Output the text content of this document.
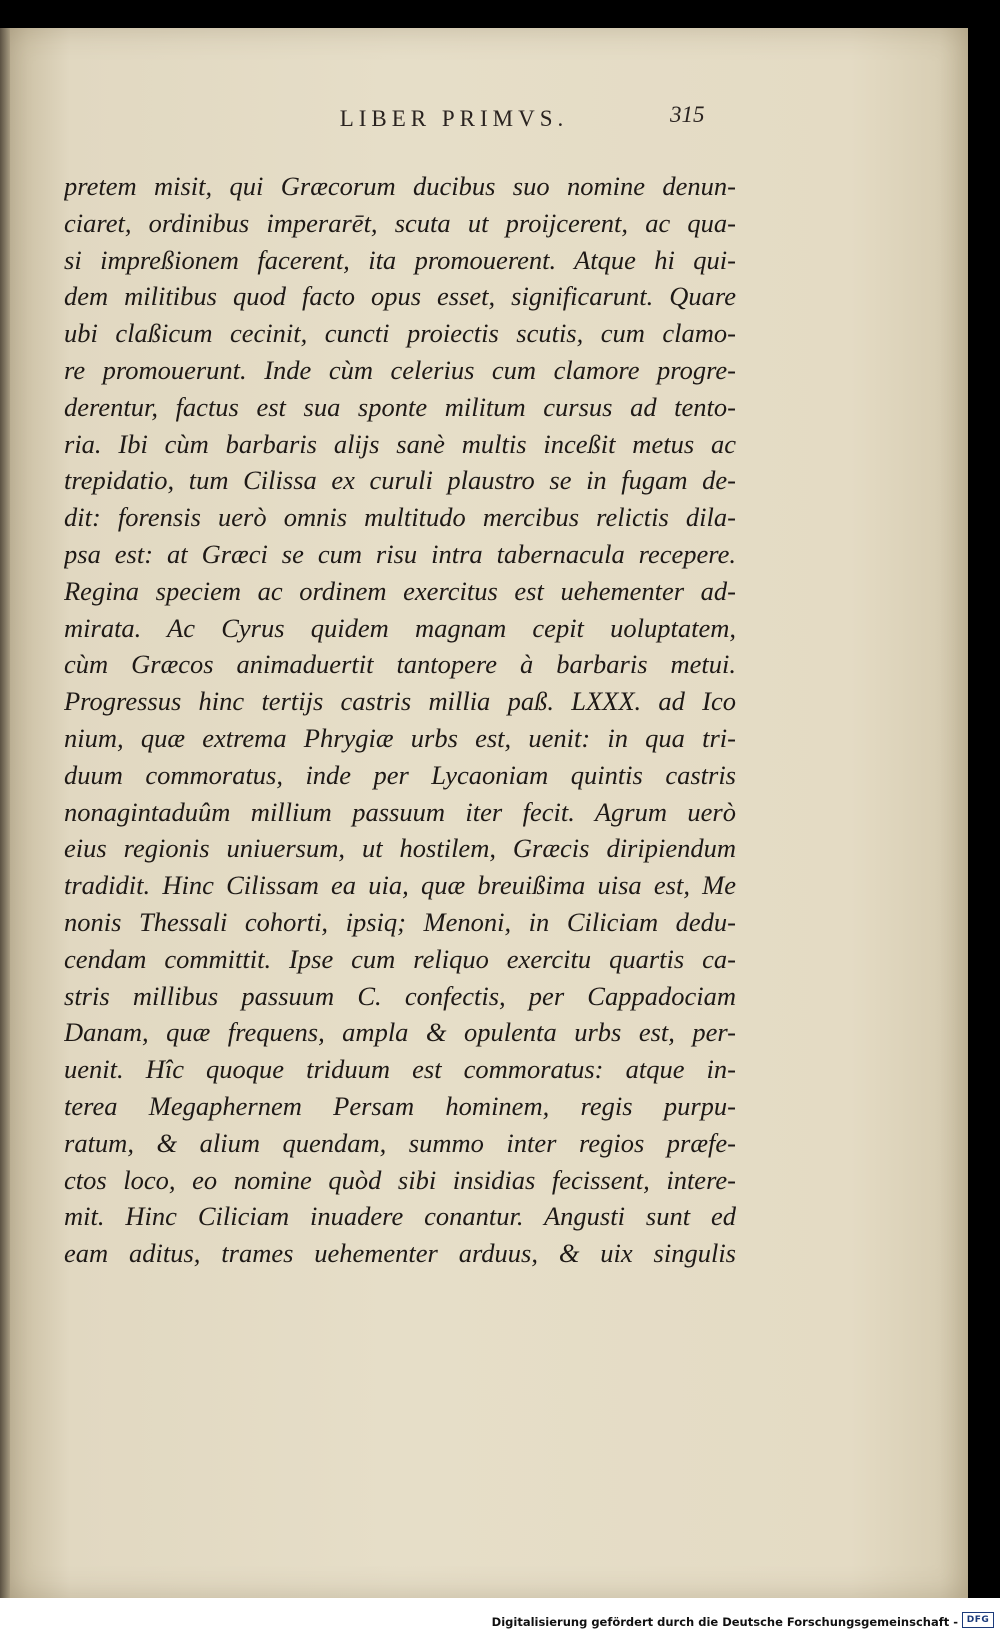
LIBER PRIMVS.	315
pretem misit, qui Græcorum ducibus suo nomine denun-
ciaret, ordinibus imperarēt, scuta ut proijcerent, ac qua-
si impreßionem facerent, ita promouerent. Atque hi qui-
dem militibus quod facto opus esset, significarunt. Quare
ubi claßicum cecinit, cuncti proiectis scutis, cum clamo-
re promouerunt. Inde cùm celerius cum clamore progre-
derentur, factus est sua sponte militum cursus ad tento-
ria. Ibi cùm barbaris alijs sanè multis inceßit metus ac
trepidatio, tum Cilissa ex curuli plaustro se in fugam de-
dit: forensis uerò omnis multitudo mercibus relictis dila-
psa est: at Græci se cum risu intra tabernacula recepere.
Regina speciem ac ordinem exercitus est uehementer ad-
mirata. Ac Cyrus quidem magnam cepit uoluptatem,
cùm Græcos animaduertit tantopere à barbaris metui.
Progressus hinc tertijs castris millia paß. LXXX. ad Ico
nium, quæ extrema Phrygiæ urbs est, uenit: in qua tri-
duum commoratus, inde per Lycaoniam quintis castris
nonagintaduûm millium passuum iter fecit. Agrum uerò
eius regionis uniuersum, ut hostilem, Græcis diripiendum
tradidit. Hinc Cilissam ea uia, quæ breuißima uisa est, Me
nonis Thessali cohorti, ipsiq; Menoni, in Ciliciam dedu-
cendam committit. Ipse cum reliquo exercitu quartis ca-
stris millibus passuum C. confectis, per Cappadociam
Danam, quæ frequens, ampla & opulenta urbs est, per-
uenit. Hîc quoque triduum est commoratus: atque in-
terea Megaphernem Persam hominem, regis purpu-
ratum, & alium quendam, summo inter regios præfe-
ctos loco, eo nomine quòd sibi insidias fecissent, intere-
mit. Hinc Ciliciam inuadere conantur. Angusti sunt ed
eam aditus, trames uehementer arduus, & uix singulis
Digitalisierung gefördert durch die Deutsche Forschungsgemeinschaft - DFG
